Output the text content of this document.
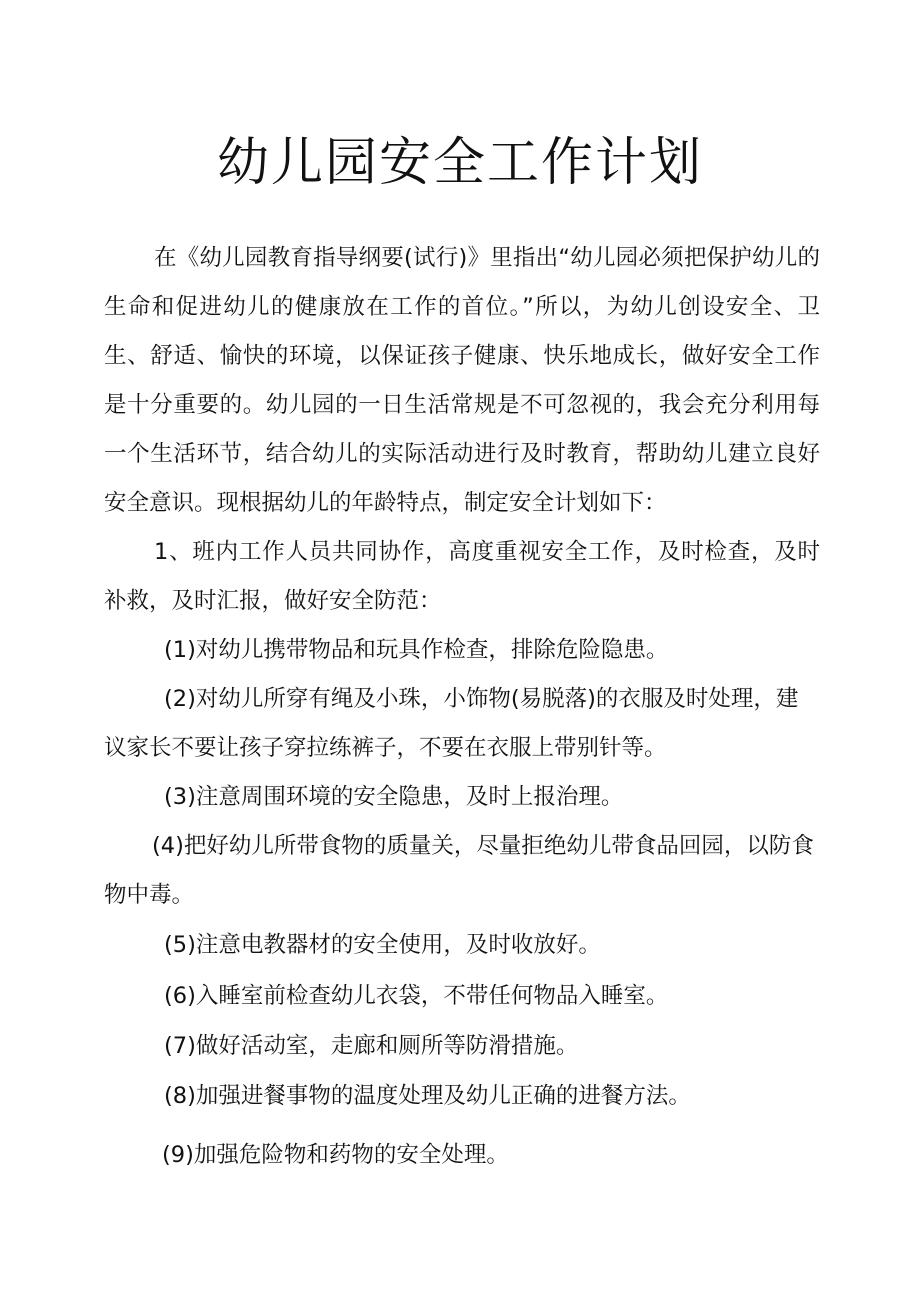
幼儿园安全工作计划

在《幼儿园教育指导纲要(试行)》里指出“幼儿园必须把保护幼儿的生命和促进幼儿的健康放在工作的首位。”所以，为幼儿创设安全、卫生、舒适、愉快的环境，以保证孩子健康、快乐地成长，做好安全工作是十分重要的。幼儿园的一日生活常规是不可忽视的，我会充分利用每一个生活环节，结合幼儿的实际活动进行及时教育，帮助幼儿建立良好安全意识。现根据幼儿的年龄特点，制定安全计划如下：

1、班内工作人员共同协作，高度重视安全工作，及时检查，及时补救，及时汇报，做好安全防范：

(1)对幼儿携带物品和玩具作检查，排除危险隐患。

(2)对幼儿所穿有绳及小珠，小饰物(易脱落)的衣服及时处理，建议家长不要让孩子穿拉练裤子，不要在衣服上带别针等。

(3)注意周围环境的安全隐患，及时上报治理。

(4)把好幼儿所带食物的质量关，尽量拒绝幼儿带食品回园，以防食物中毒。

(5)注意电教器材的安全使用，及时收放好。

(6)入睡室前检查幼儿衣袋，不带任何物品入睡室。

(7)做好活动室，走廊和厕所等防滑措施。

(8)加强进餐事物的温度处理及幼儿正确的进餐方法。

(9)加强危险物和药物的安全处理。
